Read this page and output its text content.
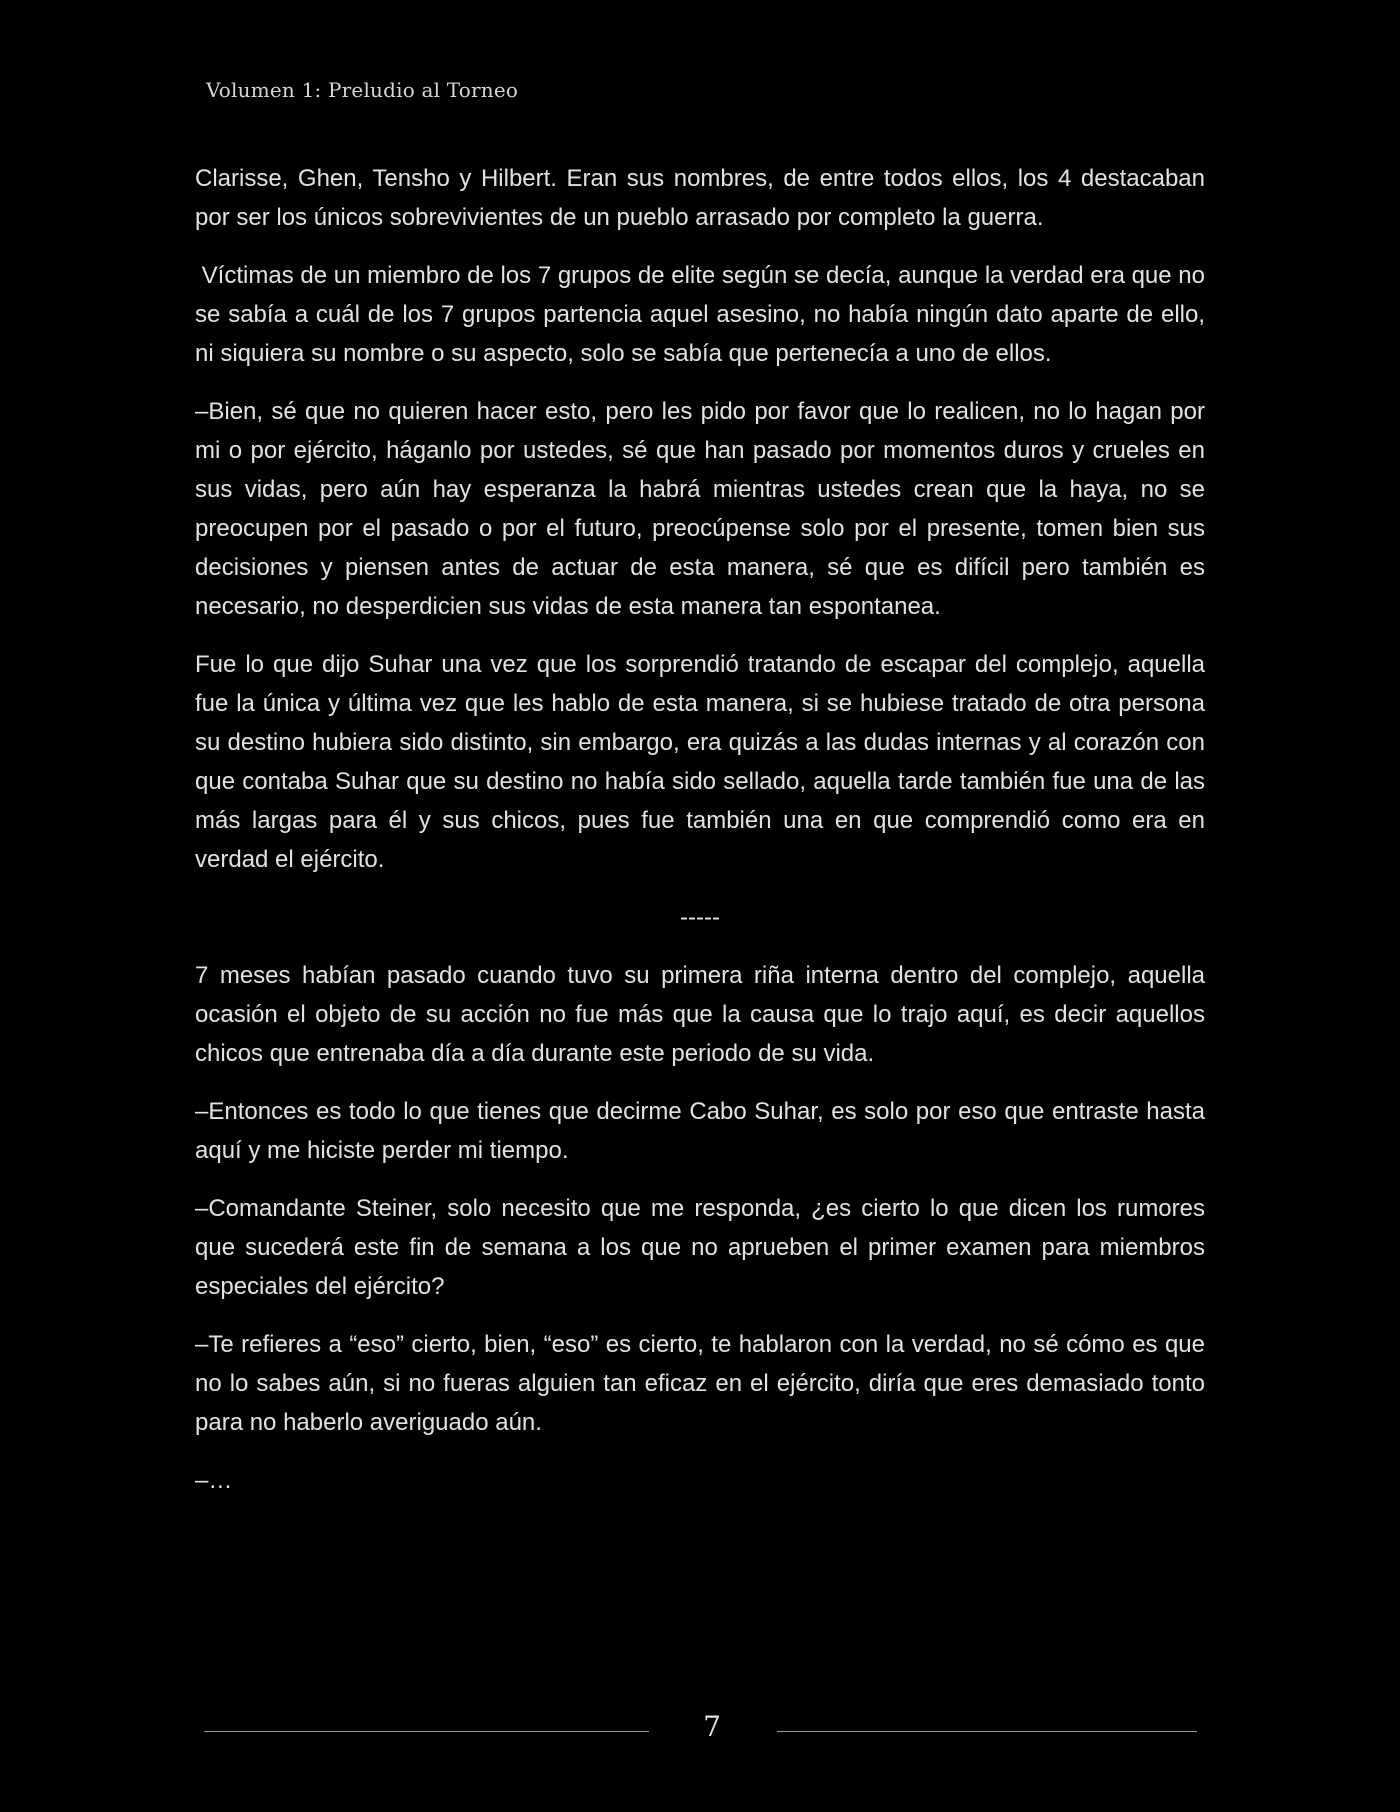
Volumen 1: Preludio al Torneo

Clarisse, Ghen, Tensho y Hilbert. Eran sus nombres, de entre todos ellos, los 4 destacaban por ser los únicos sobrevivientes de un pueblo arrasado por completo la guerra.

Víctimas de un miembro de los 7 grupos de elite según se decía, aunque la verdad era que no se sabía a cuál de los 7 grupos partencia aquel asesino, no había ningún dato aparte de ello, ni siquiera su nombre o su aspecto, solo se sabía que pertenecía a uno de ellos.

–Bien, sé que no quieren hacer esto, pero les pido por favor que lo realicen, no lo hagan por mi o por ejército, háganlo por ustedes, sé que han pasado por momentos duros y crueles en sus vidas, pero aún hay esperanza la habrá mientras ustedes crean que la haya, no se preocupen por el pasado o por el futuro, preocúpense solo por el presente, tomen bien sus decisiones y piensen antes de actuar de esta manera, sé que es difícil pero también es necesario, no desperdicien sus vidas de esta manera tan espontanea.

Fue lo que dijo Suhar una vez que los sorprendió tratando de escapar del complejo, aquella fue la única y última vez que les hablo de esta manera, si se hubiese tratado de otra persona su destino hubiera sido distinto, sin embargo, era quizás a las dudas internas y al corazón con que contaba Suhar que su destino no había sido sellado, aquella tarde también fue una de las más largas para él y sus chicos, pues fue también una en que comprendió como era en verdad el ejército.

-----

7 meses habían pasado cuando tuvo su primera riña interna dentro del complejo, aquella ocasión el objeto de su acción no fue más que la causa que lo trajo aquí, es decir aquellos chicos que entrenaba día a día durante este periodo de su vida.

–Entonces es todo lo que tienes que decirme Cabo Suhar, es solo por eso que entraste hasta aquí y me hiciste perder mi tiempo.

–Comandante Steiner, solo necesito que me responda, ¿es cierto lo que dicen los rumores que sucederá este fin de semana a los que no aprueben el primer examen para miembros especiales del ejército?

–Te refieres a “eso” cierto, bien, “eso” es cierto, te hablaron con la verdad, no sé cómo es que no lo sabes aún, si no fueras alguien tan eficaz en el ejército, diría que eres demasiado tonto para no haberlo averiguado aún.

–…

7
